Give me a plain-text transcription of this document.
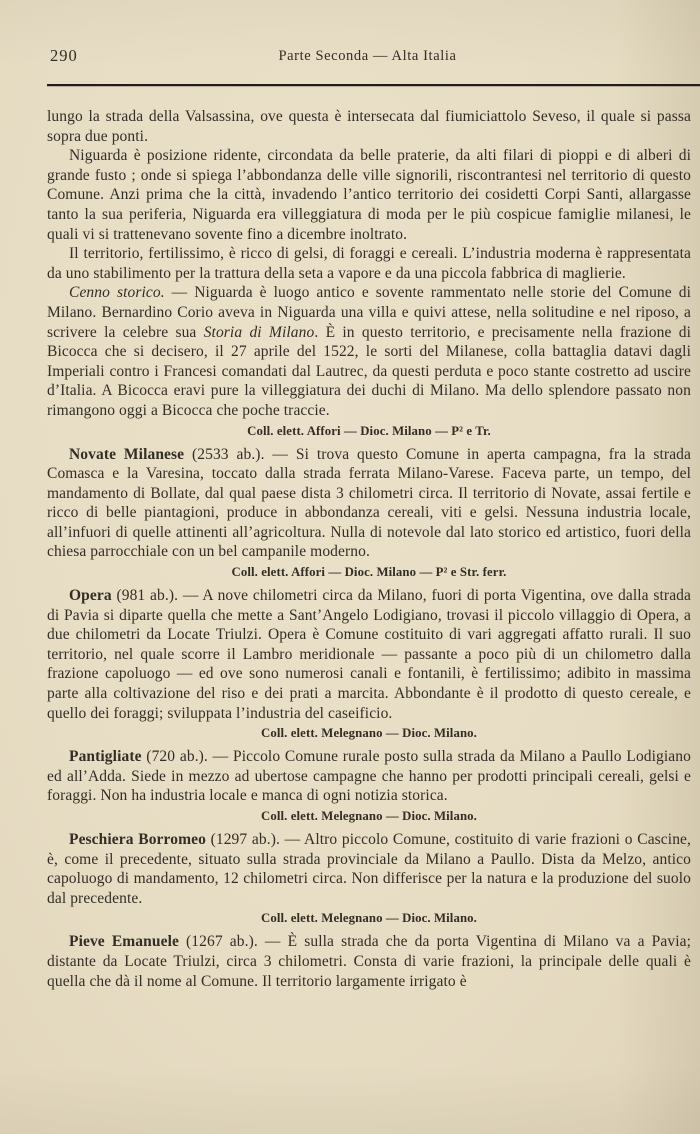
290	Parte Seconda — Alta Italia

lungo la strada della Valsassina, ove questa è intersecata dal fiumiciattolo Seveso, il quale si passa sopra due ponti.

Niguarda è posizione ridente, circondata da belle praterie, da alti filari di pioppi e di alberi di grande fusto ; onde si spiega l’abbondanza delle ville signorili, riscontrantesi nel territorio di questo Comune. Anzi prima che la città, invadendo l’antico territorio dei cosidetti Corpi Santi, allargasse tanto la sua periferia, Niguarda era villeggiatura di moda per le più cospicue famiglie milanesi, le quali vi si trattenevano sovente fino a dicembre inoltrato.

Il territorio, fertilissimo, è ricco di gelsi, di foraggi e cereali. L’industria moderna è rappresentata da uno stabilimento per la trattura della seta a vapore e da una piccola fabbrica di maglierie.

Cenno storico. — Niguarda è luogo antico e sovente rammentato nelle storie del Comune di Milano. Bernardino Corio aveva in Niguarda una villa e quivi attese, nella solitudine e nel riposo, a scrivere la celebre sua Storia di Milano. È in questo territorio, e precisamente nella frazione di Bicocca che si decisero, il 27 aprile del 1522, le sorti del Milanese, colla battaglia datavi dagli Imperiali contro i Francesi comandati dal Lautrec, da questi perduta e poco stante costretto ad uscire d’Italia. A Bicocca eravi pure la villeggiatura dei duchi di Milano. Ma dello splendore passato non rimangono oggi a Bicocca che poche traccie.

Coll. elett. Affori — Dioc. Milano — P² e Tr.

Novate Milanese (2533 ab.). — Si trova questo Comune in aperta campagna, fra la strada Comasca e la Varesina, toccato dalla strada ferrata Milano-Varese. Faceva parte, un tempo, del mandamento di Bollate, dal qual paese dista 3 chilometri circa. Il territorio di Novate, assai fertile e ricco di belle piantagioni, produce in abbondanza cereali, viti e gelsi. Nessuna industria locale, all’infuori di quelle attinenti all’agricoltura. Nulla di notevole dal lato storico ed artistico, fuori della chiesa parrocchiale con un bel campanile moderno.

Coll. elett. Affori — Dioc. Milano — P² e Str. ferr.

Opera (981 ab.). — A nove chilometri circa da Milano, fuori di porta Vigentina, ove dalla strada di Pavia si diparte quella che mette a Sant’Angelo Lodigiano, trovasi il piccolo villaggio di Opera, a due chilometri da Locate Triulzi. Opera è Comune costituito di vari aggregati affatto rurali. Il suo territorio, nel quale scorre il Lambro meridionale — passante a poco più di un chilometro dalla frazione capoluogo — ed ove sono numerosi canali e fontanili, è fertilissimo; adibito in massima parte alla coltivazione del riso e dei prati a marcita. Abbondante è il prodotto di questo cereale, e quello dei foraggi; sviluppata l’industria del caseificio.

Coll. elett. Melegnano — Dioc. Milano.

Pantigliate (720 ab.). — Piccolo Comune rurale posto sulla strada da Milano a Paullo Lodigiano ed all’Adda. Siede in mezzo ad ubertose campagne che hanno per prodotti principali cereali, gelsi e foraggi. Non ha industria locale e manca di ogni notizia storica.

Coll. elett. Melegnano — Dioc. Milano.

Peschiera Borromeo (1297 ab.). — Altro piccolo Comune, costituito di varie frazioni o Cascine, è, come il precedente, situato sulla strada provinciale da Milano a Paullo. Dista da Melzo, antico capoluogo di mandamento, 12 chilometri circa. Non differisce per la natura e la produzione del suolo dal precedente.

Coll. elett. Melegnano — Dioc. Milano.

Pieve Emanuele (1267 ab.). — È sulla strada che da porta Vigentina di Milano va a Pavia; distante da Locate Triulzi, circa 3 chilometri. Consta di varie frazioni, la principale delle quali è quella che dà il nome al Comune. Il territorio largamente irrigato è
